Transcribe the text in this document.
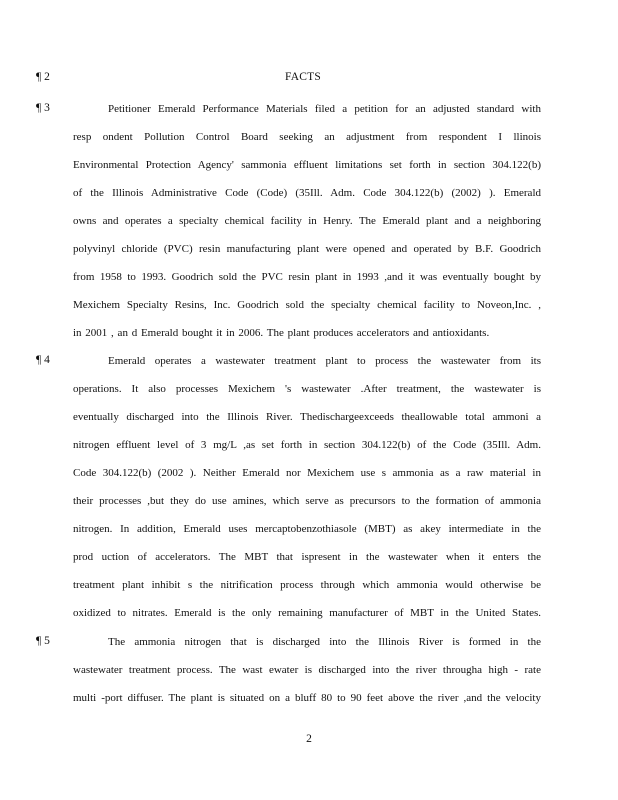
FACTS
¶ 2
¶ 3
¶ 4
¶ 5
Petitioner Emerald Performance Materials filed a petition for an adjusted standard with
resp ondent Pollution Control Board seeking an adjustment from respondent I llinois
Environmental Protection Agency' sammonia effluent limitations set forth in section 304.122(b)
of the Illinois Administrative Code (Code) (35Ill. Adm. Code 304.122(b) (2002) ). Emerald
owns and operates a specialty chemical facility in Henry. The Emerald plant and a neighboring
polyvinyl chloride (PVC) resin manufacturing plant were opened and operated by B.F. Goodrich
from 1958 to 1993. Goodrich sold the PVC resin plant in 1993 ,and it was eventually bought by
Mexichem Specialty Resins, Inc. Goodrich sold the specialty chemical facility to Noveon,Inc. ,
in 2001 , an d Emerald bought it in 2006. The plant produces accelerators and antioxidants.
Emerald operates a wastewater treatment plant to process the wastewater from its
operations. It also processes Mexichem 's wastewater .After treatment, the wastewater is
eventually discharged into the Illinois River. Thedischargeexceeds theallowable total ammoni a
nitrogen effluent level of 3 mg/L ,as set forth in section 304.122(b) of the Code (35Ill. Adm.
Code 304.122(b) (2002 ). Neither Emerald nor Mexichem use s ammonia as a raw material in
their processes ,but they do use amines, which serve as precursors to the formation of ammonia
nitrogen. In addition, Emerald uses mercaptobenzothiasole (MBT) as akey intermediate in the
prod uction of accelerators. The MBT that ispresent in the wastewater when it enters the
treatment plant inhibit s the nitrification process through which ammonia would otherwise be
oxidized to nitrates. Emerald is the only remaining manufacturer of MBT in the United States.
The ammonia nitrogen that is discharged into the Illinois River is formed in the
wastewater treatment process. The wast ewater is discharged into the river througha high - rate
multi -port diffuser. The plant is situated on a bluff 80 to 90 feet above the river ,and the velocity
2
